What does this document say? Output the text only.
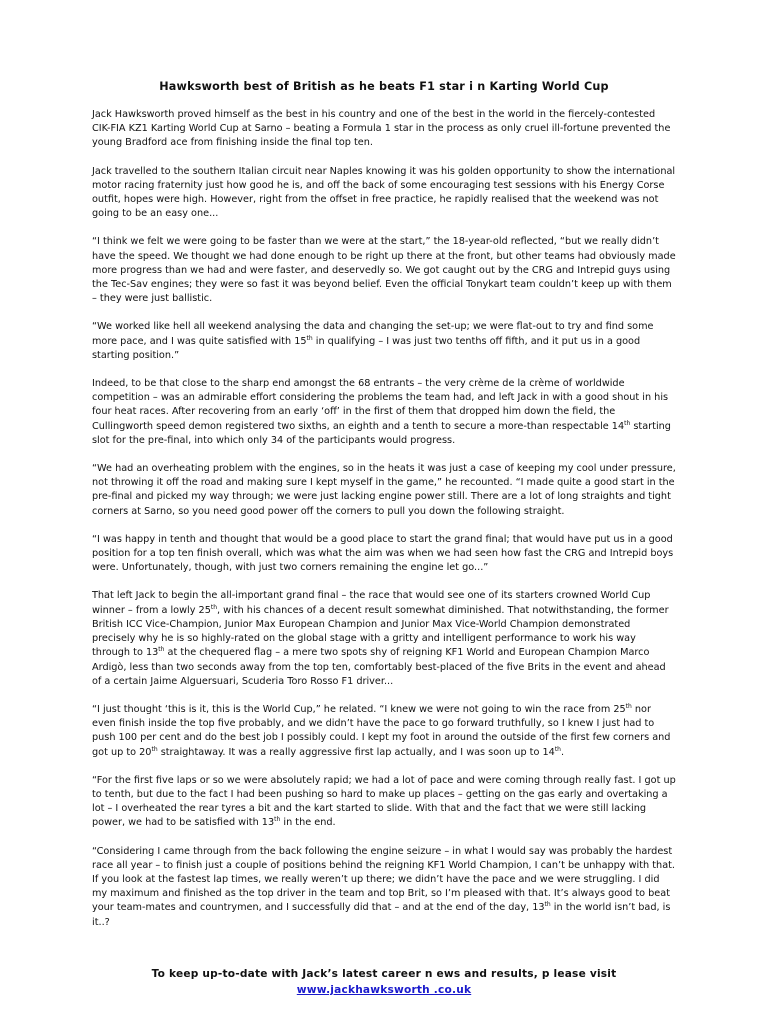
Hawksworth best of British as he beats F1 star i n Karting World Cup

Jack Hawksworth proved himself as the best in his country and one of the best in the world in the fiercely-contested CIK-FIA KZ1 Karting World Cup at Sarno – beating a Formula 1 star in the process as only cruel ill-fortune prevented the young Bradford ace from finishing inside the final top ten.

Jack travelled to the southern Italian circuit near Naples knowing it was his golden opportunity to show the international motor racing fraternity just how good he is, and off the back of some encouraging test sessions with his Energy Corse outfit, hopes were high. However, right from the offset in free practice, he rapidly realised that the weekend was not going to be an easy one...

“I think we felt we were going to be faster than we were at the start,” the 18-year-old reflected, “but we really didn’t have the speed. We thought we had done enough to be right up there at the front, but other teams had obviously made more progress than we had and were faster, and deservedly so. We got caught out by the CRG and Intrepid guys using the Tec-Sav engines; they were so fast it was beyond belief. Even the official Tonykart team couldn’t keep up with them – they were just ballistic.

“We worked like hell all weekend analysing the data and changing the set-up; we were flat-out to try and find some more pace, and I was quite satisfied with 15th in qualifying – I was just two tenths off fifth, and it put us in a good starting position.”

Indeed, to be that close to the sharp end amongst the 68 entrants – the very crème de la crème of worldwide competition – was an admirable effort considering the problems the team had, and left Jack in with a good shout in his four heat races. After recovering from an early ‘off’ in the first of them that dropped him down the field, the Cullingworth speed demon registered two sixths, an eighth and a tenth to secure a more-than respectable 14th starting slot for the pre-final, into which only 34 of the participants would progress.

“We had an overheating problem with the engines, so in the heats it was just a case of keeping my cool under pressure, not throwing it off the road and making sure I kept myself in the game,” he recounted. “I made quite a good start in the pre-final and picked my way through; we were just lacking engine power still. There are a lot of long straights and tight corners at Sarno, so you need good power off the corners to pull you down the following straight.

“I was happy in tenth and thought that would be a good place to start the grand final; that would have put us in a good position for a top ten finish overall, which was what the aim was when we had seen how fast the CRG and Intrepid boys were. Unfortunately, though, with just two corners remaining the engine let go...”

That left Jack to begin the all-important grand final – the race that would see one of its starters crowned World Cup winner – from a lowly 25th, with his chances of a decent result somewhat diminished. That notwithstanding, the former British ICC Vice-Champion, Junior Max European Champion and Junior Max Vice-World Champion demonstrated precisely why he is so highly-rated on the global stage with a gritty and intelligent performance to work his way through to 13th at the chequered flag – a mere two spots shy of reigning KF1 World and European Champion Marco Ardigò, less than two seconds away from the top ten, comfortably best-placed of the five Brits in the event and ahead of a certain Jaime Alguersuari, Scuderia Toro Rosso F1 driver...

“I just thought ‘this is it, this is the World Cup,” he related. “I knew we were not going to win the race from 25th nor even finish inside the top five probably, and we didn’t have the pace to go forward truthfully, so I knew I just had to push 100 per cent and do the best job I possibly could. I kept my foot in around the outside of the first few corners and got up to 20th straightaway. It was a really aggressive first lap actually, and I was soon up to 14th.

“For the first five laps or so we were absolutely rapid; we had a lot of pace and were coming through really fast. I got up to tenth, but due to the fact I had been pushing so hard to make up places – getting on the gas early and overtaking a lot – I overheated the rear tyres a bit and the kart started to slide. With that and the fact that we were still lacking power, we had to be satisfied with 13th in the end.

“Considering I came through from the back following the engine seizure – in what I would say was probably the hardest race all year – to finish just a couple of positions behind the reigning KF1 World Champion, I can’t be unhappy with that. If you look at the fastest lap times, we really weren’t up there; we didn’t have the pace and we were struggling. I did my maximum and finished as the top driver in the team and top Brit, so I’m pleased with that. It’s always good to beat your team-mates and countrymen, and I successfully did that – and at the end of the day, 13th in the world isn’t bad, is it..?

To keep up-to-date with Jack’s latest career n ews and results, p lease visit
www.jackhawksworth .co.uk
